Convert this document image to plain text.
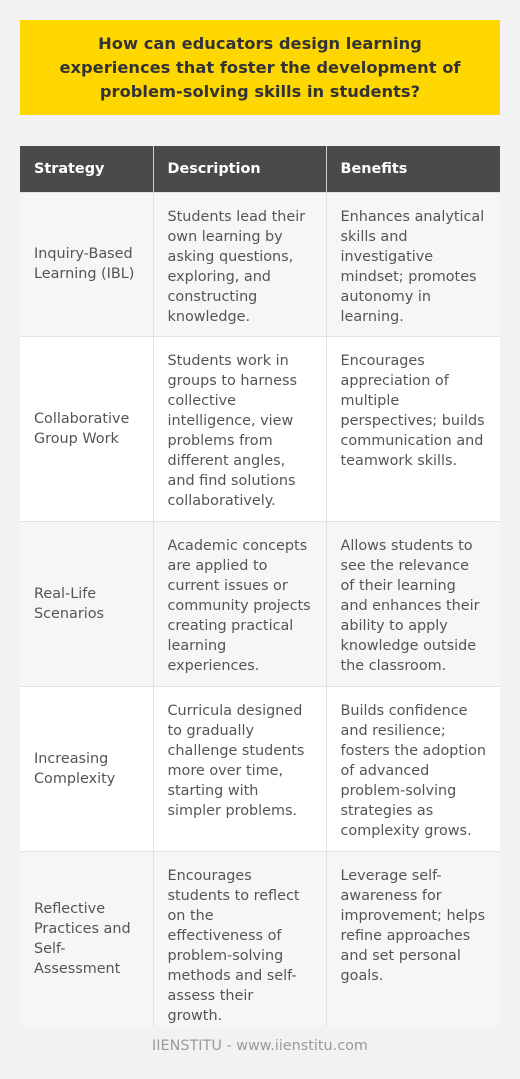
How can educators design learning experiences that foster the development of problem-solving skills in students?
Strategy	Description	Benefits
Inquiry-Based Learning (IBL)	Students lead their own learning by asking questions, exploring, and constructing knowledge.	Enhances analytical skills and investigative mindset; promotes autonomy in learning.
Collaborative Group Work	Students work in groups to harness collective intelligence, view problems from different angles, and find solutions collaboratively.	Encourages appreciation of multiple perspectives; builds communication and teamwork skills.
Real-Life Scenarios	Academic concepts are applied to current issues or community projects creating practical learning experiences.	Allows students to see the relevance of their learning and enhances their ability to apply knowledge outside the classroom.
Increasing Complexity	Curricula designed to gradually challenge students more over time, starting with simpler problems.	Builds confidence and resilience; fosters the adoption of advanced problem-solving strategies as complexity grows.
Reflective Practices and Self-Assessment	Encourages students to reflect on the effectiveness of problem-solving methods and self-assess their growth.	Leverage self-awareness for improvement; helps refine approaches and set personal goals.
IIENSTITU - www.iienstitu.com
